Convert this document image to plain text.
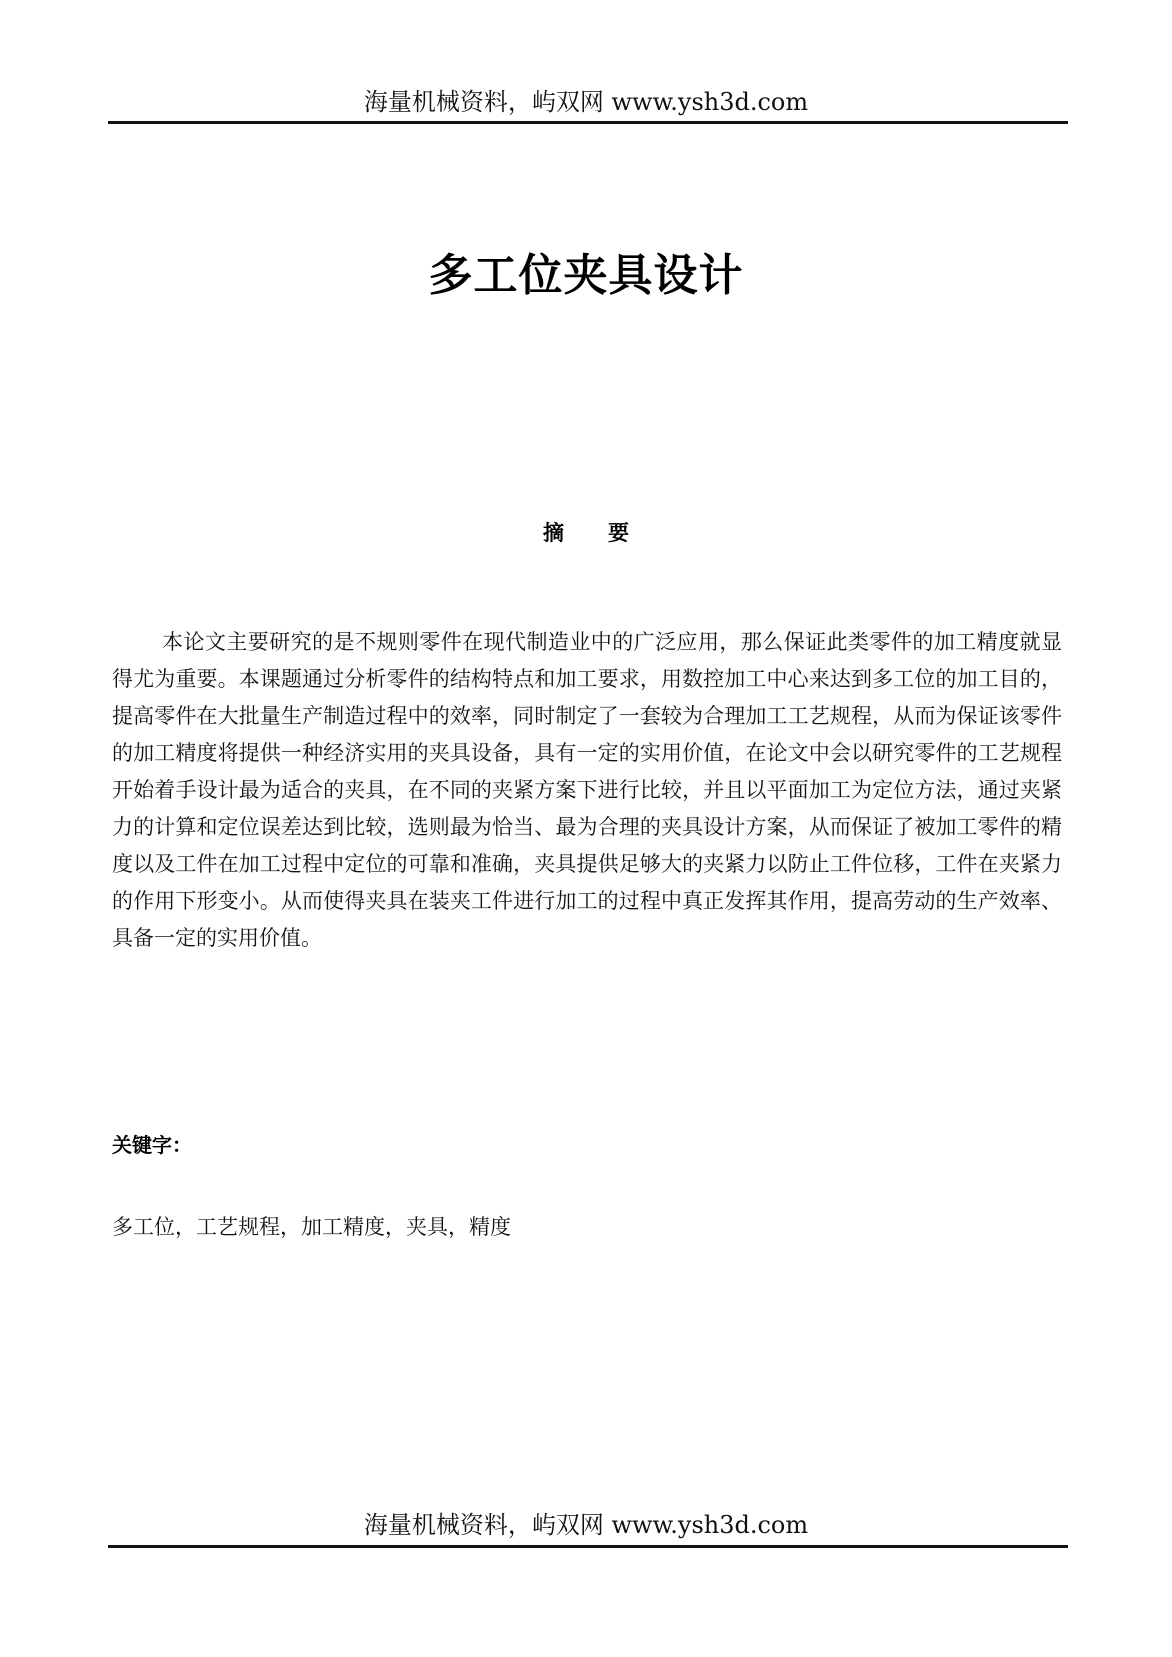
海量机械资料，屿双网 www.ysh3d.com
多工位夹具设计
摘要

本论文主要研究的是不规则零件在现代制造业中的广泛应用，那么保证此类零件的加工精度就显得尤为重要。本课题通过分析零件的结构特点和加工要求，用数控加工中心来达到多工位的加工目的，提高零件在大批量生产制造过程中的效率，同时制定了一套较为合理加工工艺规程，从而为保证该零件的加工精度将提供一种经济实用的夹具设备，具有一定的实用价值，在论文中会以研究零件的工艺规程开始着手设计最为适合的夹具，在不同的夹紧方案下进行比较，并且以平面加工为定位方法，通过夹紧力的计算和定位误差达到比较，选则最为恰当、最为合理的夹具设计方案，从而保证了被加工零件的精度以及工件在加工过程中定位的可靠和准确，夹具提供足够大的夹紧力以防止工件位移，工件在夹紧力的作用下形变小。从而使得夹具在装夹工件进行加工的过程中真正发挥其作用，提高劳动的生产效率、具备一定的实用价值。

关键字：
多工位，工艺规程，加工精度，夹具，精度
海量机械资料，屿双网 www.ysh3d.com
